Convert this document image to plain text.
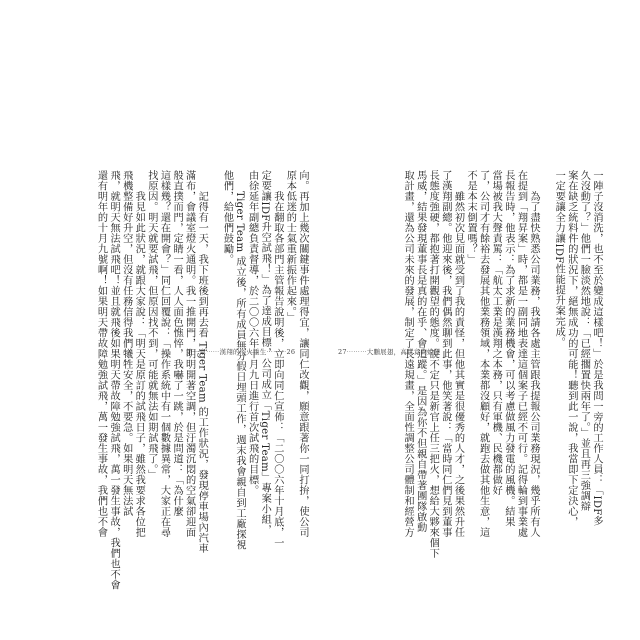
一陣子沒消洗，也不至於變成這樣吧！」於是我問一旁的工作人員：「IDF多
久沒動了？」他們一臉淡然地說：「已經擱置快兩年了。」並且再三強調辯
案在缺乏統料件的狀況下，絕無成功的可能！聽到此一說，我當即下定決心，
一定要讓全力讓IDF性能提升案完成。
　　為了盡快熟悉公司業務，我請各處主管跟我提報公司業務現況，幾乎所有人
在提到「翔昇案」時，都是一副同地表達這個案子已經不可行。記得輪到事業處
長報告時，他表示：為了求新的業務機會，可以考慮做風力發電的風機。結果
當場被我大聲責罵：「航太工業是漢翔之本務，只有軍機、民機都做好
了，公司才有餘裕去發展其他業務領域，本業都沒顧好，就跑去做其他生意，這
不是本末倒置嗎？」
　　雖然初次見面就受到了我的責怪，但他其實是很優秀的人才，之後果然升任
了漢翔副總。他迎來後，我們偶然聊到此事，他笑著說：「當時同仁們見到董事
長態度強硬，都抱著打開觀望的態度。說不定只是新官上任三把火，想給大夥來個下
馬威，結果發現董事長是真的在乎、會追蹤。」是因為你不但親自帶著團隊啟動
取計畫，還為公司未來的發展，制定了長遠規畫，全面性調整公司體制和經營方
向。再加上幾次關鍵事件處理得宜，讓同仁改觀，願意跟著你一同打拚，使公司
原本低迷的士氣重新振作起來。」
　　我在翻取各部門主管報告說明後，立即向同仁宣佈：「二〇〇六年十月底，一
定要讓IDF升空試飛！」為了達成目標，公司成立「Tiger Team」專案小組，
由徐延年副總負責督導，於二〇〇六年十月九日進行首次試飛的目標。
　　Tiger Team 成立後，所有成員無分假日埋頭工作，週末我會親自到工廠探視
他們，給他們鼓勵。
　　記得有一天，我下班後到再去看 Tiger Team 的工作狀況，發現停車場內汽車
滿布，會議室燈火通明。我一推開門，明明開著空調，但汙濁沉悶的空氣卻迎面
般直撲而門，定睛一看，人人面色憔悴，我嚇了一跳，於是問道：「為什麼
這樣幾？還在開會？」同仁回覆說：「操作系統中有一個數據異常，大家正在尋
找原因。明天就要試飛，但原因找不到，可能就無法如期試飛了。」
　　我見如此狀況，就跟大家說：「明天是原訂的試飛日子，雖然我要求各位把
飛機整備好升空，但沒有任務信得我們犧牲安全，不要急。如果明天無法試
飛，就明天無法試飛吧！並且就飛後如果明天帶故障勉強試飛，萬一發生事故，我們也不會
還有明年的十月九號啊！如果明天帶故障勉強試飛，萬一發生事故，我們也不會	第一章⋯⋯漢翔的浴火重生⋯⋯⋯26	27⋯⋯⋯大鵬展翅，高世竟的蛻變
